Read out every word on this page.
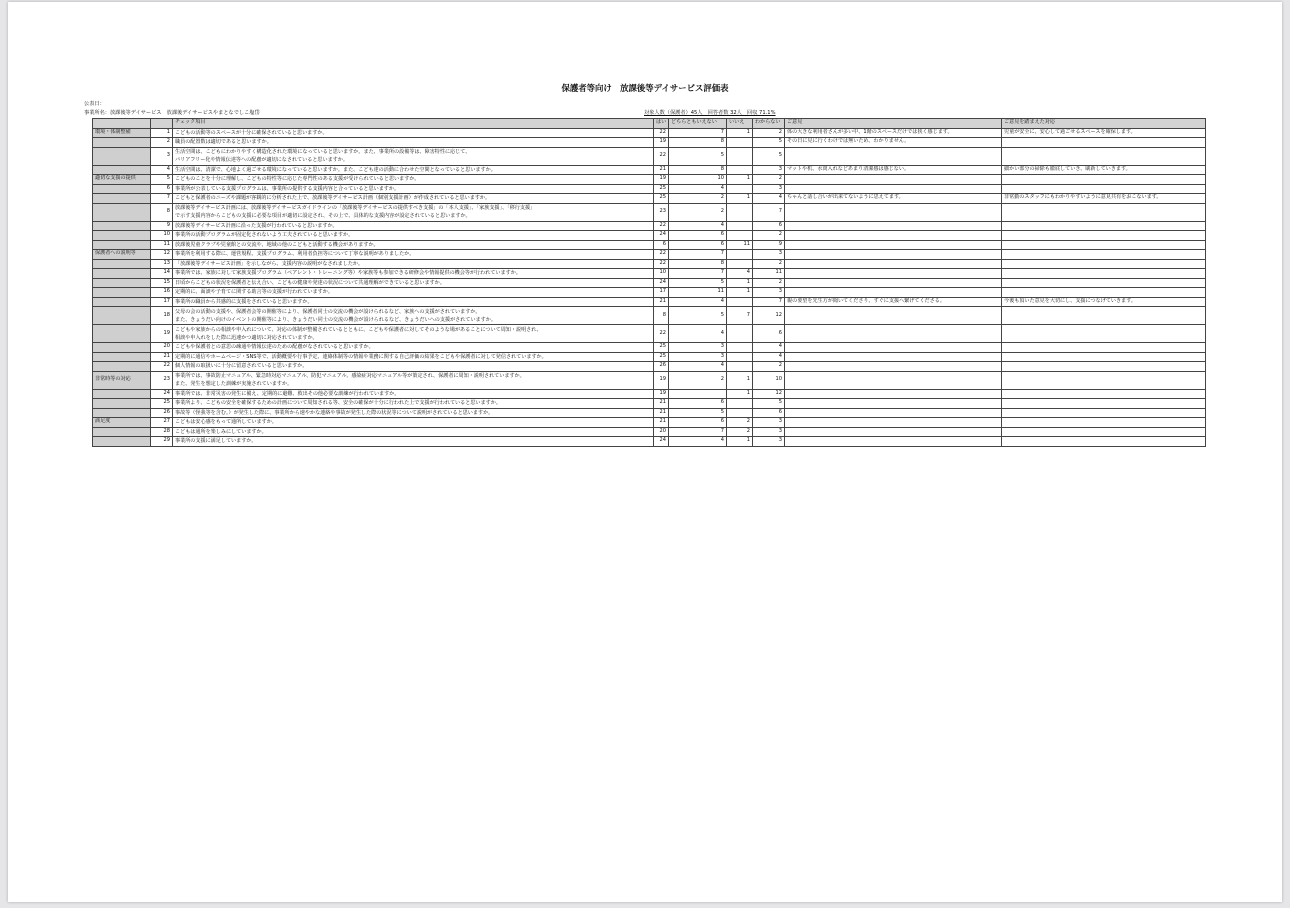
保護者等向け　放課後等デイサービス評価表
公表日：
事業所名：放課後等デイサービス　放課後デイサービスやまとなでしこ塩岱	対象人数（保護者）45人　回答者数 32人　回収 71.1%
		チェック項目	はい	どちらともいえない	いいえ	わからない	ご意見	ご意見を踏まえた対応
環境・体制整備	1	こどもの活動等のスペースが十分に確保されていると思いますか。	22	7	1	2	体の大きな利用者さんが多い中、1階のスペースだけでは狭く感じます。	児童が安全に、安心して過ごせるスペースを確保します。
	2	職員の配置数は適切であると思いますか。	19	8		5	その日に見に行くわけでは無いため、わかりません。	
	3	生活空間は、こどもにわかりやすく構造化された環境になっていると思いますか。また、事業所の設備等は、障害特性に応じて、
バリアフリー化や情報伝達等への配慮が適切になされていると思いますか。	22	5		5		
	4	生活空間は、清潔で、心地よく過ごせる環境になっていると思いますか。また、こども達の活動に合わせた空間となっていると思いますか。	21	8		3	マットや机、水筒入れなどあまり清潔感は感じない。	細かい部分の掃除も徹底していき、刷新していきます。
適切な支援の提供	5	こどものことを十分に理解し、こどもの特性等に応じた専門性のある支援が受けられていると思いますか。	19	10	1	2		
	6	事業所が公表している支援プログラムは、事業所の提供する支援内容と合っていると思いますか。	25	4		3		
	7	こどもと保護者のニーズや課題が客観的に分析された上で、放課後等デイサービス計画（個別支援計画）が作成されていると思いますか。	25	2	1	4	ちゃんと話し合いが出来てないように思えてます。	非常勤のスタッフにもわかりやすいように意見共有をおこないます。
	8	放課後等デイサービス計画には、放課後等デイサービスガイドラインの「放課後等デイサービスの提供すべき支援」の「本人支援」、「家族支援」、「移行支援」
で示す支援内容からこどもの支援に必要な項目が適切に設定され、その上で、具体的な支援内容が設定されていると思いますか。	23	2		7		
	9	放課後等デイサービス計画に沿った支援が行われていると思いますか。	22	4		6		
	10	事業所の活動プログラムが固定化されないよう工夫されていると思いますか。	24	6		2		
	11	放課後児童クラブや児童館との交流や、地域の他のこどもと活動する機会がありますか。	6	6	11	9		
保護者への説明等	12	事業所を利用する際に、運営規程、支援プログラム、利用者負担等について丁寧な説明がありましたか。	22	7		3		
	13	「放課後等デイサービス計画」を示しながら、支援内容の説明がなされましたか。	22	8		2		
	14	事業所では、家族に対して家族支援プログラム（ペアレント・トレーニング等）や家族等も参加できる研修会や情報提供の機会等が行われていますか。	10	7	4	11		
	15	日頃からこどもの状況を保護者と伝え合い、こどもの健康や発達の状況について共通理解ができていると思いますか。	24	5	1	2		
	16	定期的に、面談や子育てに関する助言等の支援が行われていますか。	17	11	1	3		
	17	事業所の職員から共感的に支援をされていると思いますか。	21	4		7	親の要望を先生方が聞いてくださり、すぐに支援へ繋げてくださる。	今後も頂いた意見を大切にし、支援につなげていきます。
	18	父母の会の活動の支援や、保護者会等の開催等により、保護者同士の交流の機会が設けられるなど、家族への支援がされていますか。
また、きょうだい向けのイベントの開催等により、きょうだい同士の交流の機会が設けられるなど、きょうだいへの支援がされていますか。	8	5	7	12		
	19	こどもや家族からの相談や申入れについて、対応の体制が整備されているとともに、こどもや保護者に対してそのような場があることについて周知・説明され、
相談や申入れをした際に迅速かつ適切に対応されていますか。	22	4		6		
	20	こどもや保護者との意思の疎通や情報伝達のための配慮がなされていると思いますか。	25	3		4		
	21	定期的に通信やホームページ・SNS等で、活動概要や行事予定、連絡体制等の情報や業務に関する自己評価の結果をこどもや保護者に対して発信されていますか。	25	3		4		
	22	個人情報の取扱いに十分に留意されていると思いますか。	26	4		2		
非常時等の対応	23	事業所では、事故防止マニュアル、緊急時対応マニュアル、防犯マニュアル、感染症対応マニュアル等が策定され、保護者に周知・説明されていますか。
また、発生を想定した訓練が実施されていますか。	19	2	1	10		
	24	事業所では、非常災害の発生に備え、定期的に避難、救出その他必要な訓練が行われていますか。	19		1	12		
	25	事業所より、こどもの安全を確保するための計画について周知される等、安全の確保が十分に行われた上で支援が行われていると思いますか。	21	6		5		
	26	事故等（怪我等を含む。）が発生した際に、事業所から速やかな連絡や事故が発生した際の状況等について説明がされていると思いますか。	21	5		6		
満足度	27	こどもは安心感をもって通所していますか。	21	6	2	3		
	28	こどもは通所を楽しみにしていますか。	20	7	2	3		
	29	事業所の支援に満足していますか。	24	4	1	3		
